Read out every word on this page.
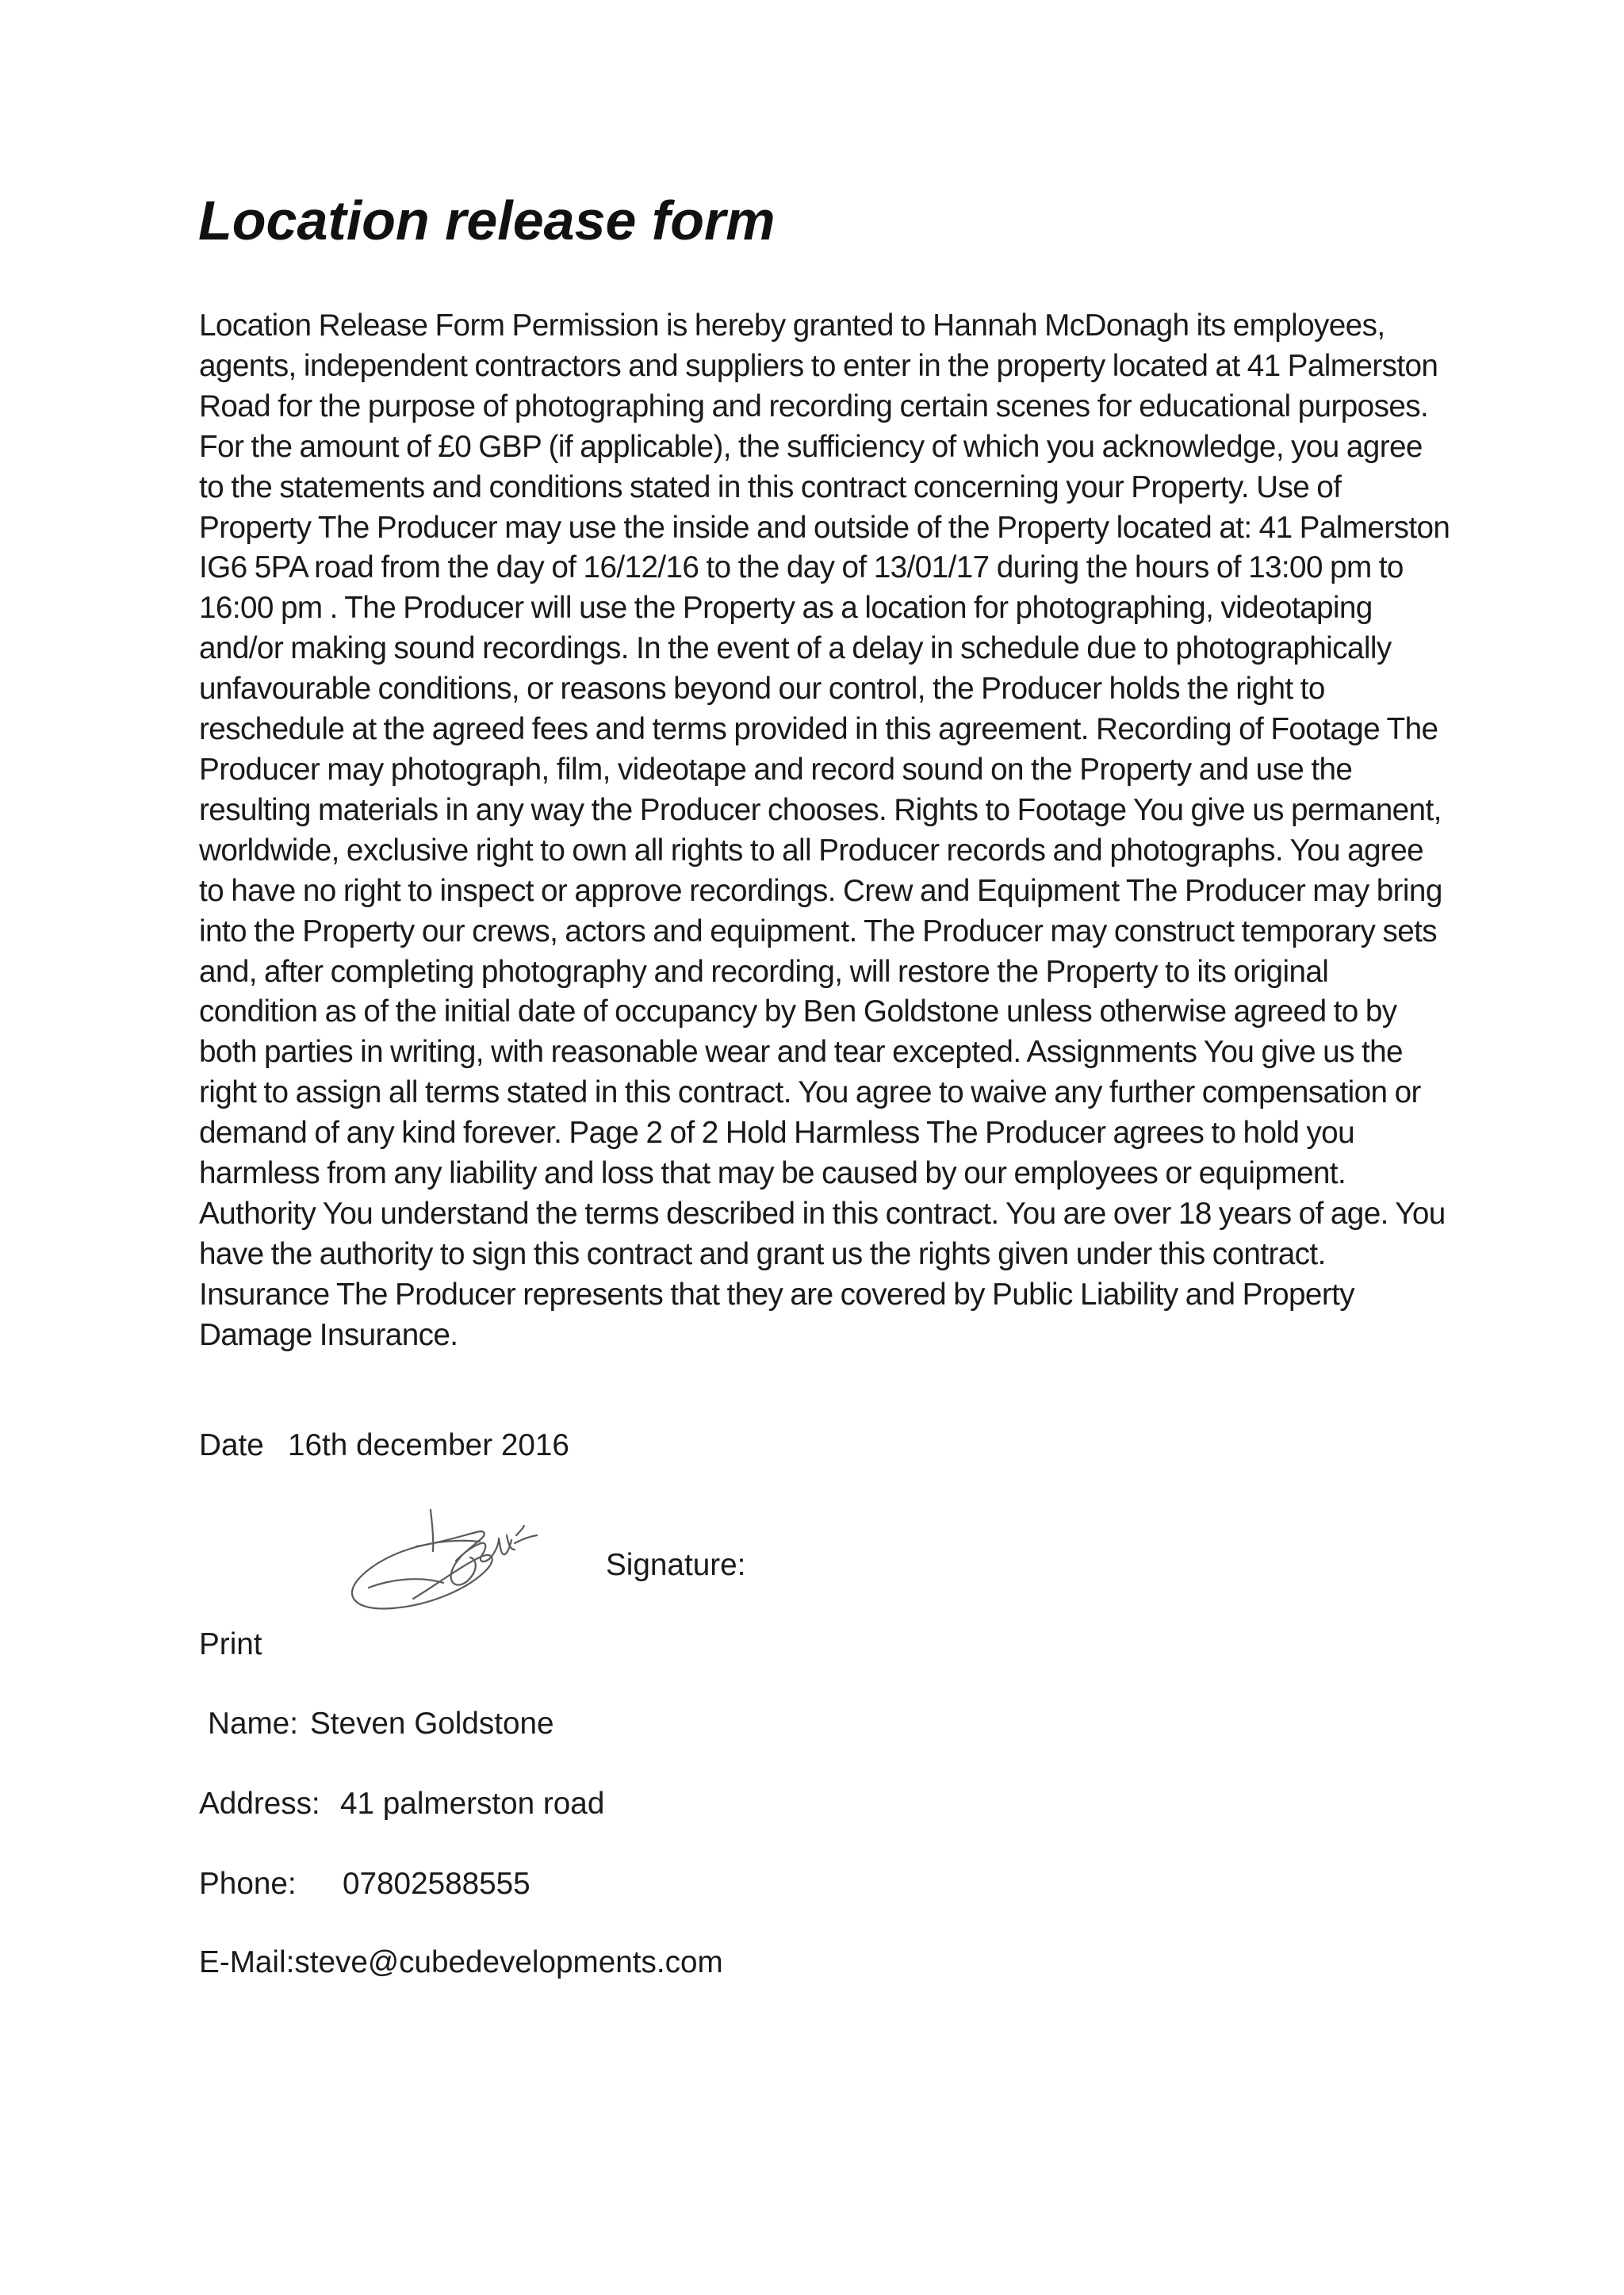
Location release form

Location Release Form Permission is hereby granted to Hannah McDonagh its employees, agents, independent contractors and suppliers to enter in the property located at 41 Palmerston Road for the purpose of photographing and recording certain scenes for educational purposes. For the amount of £0 GBP (if applicable), the sufficiency of which you acknowledge, you agree to the statements and conditions stated in this contract concerning your Property. Use of Property The Producer may use the inside and outside of the Property located at: 41 Palmerston IG6 5PA road from the day of 16/12/16 to the day of 13/01/17 during the hours of 13:00 pm to 16:00 pm . The Producer will use the Property as a location for photographing, videotaping and/or making sound recordings. In the event of a delay in schedule due to photographically unfavourable conditions, or reasons beyond our control, the Producer holds the right to reschedule at the agreed fees and terms provided in this agreement. Recording of Footage The Producer may photograph, film, videotape and record sound on the Property and use the resulting materials in any way the Producer chooses. Rights to Footage You give us permanent, worldwide, exclusive right to own all rights to all Producer records and photographs. You agree to have no right to inspect or approve recordings. Crew and Equipment The Producer may bring into the Property our crews, actors and equipment. The Producer may construct temporary sets and, after completing photography and recording, will restore the Property to its original condition as of the initial date of occupancy by Ben Goldstone unless otherwise agreed to by both parties in writing, with reasonable wear and tear excepted. Assignments You give us the right to assign all terms stated in this contract. You agree to waive any further compensation or demand of any kind forever. Page 2 of 2 Hold Harmless The Producer agrees to hold you harmless from any liability and loss that may be caused by our employees or equipment. Authority You understand the terms described in this contract. You are over 18 years of age. You have the authority to sign this contract and grant us the rights given under this contract. Insurance The Producer represents that they are covered by Public Liability and Property Damage Insurance.

Date 16th december 2016
Signature:
Print
Name: Steven Goldstone
Address: 41 palmerston road
Phone: 07802588555
E-Mail:steve@cubedevelopments.com
